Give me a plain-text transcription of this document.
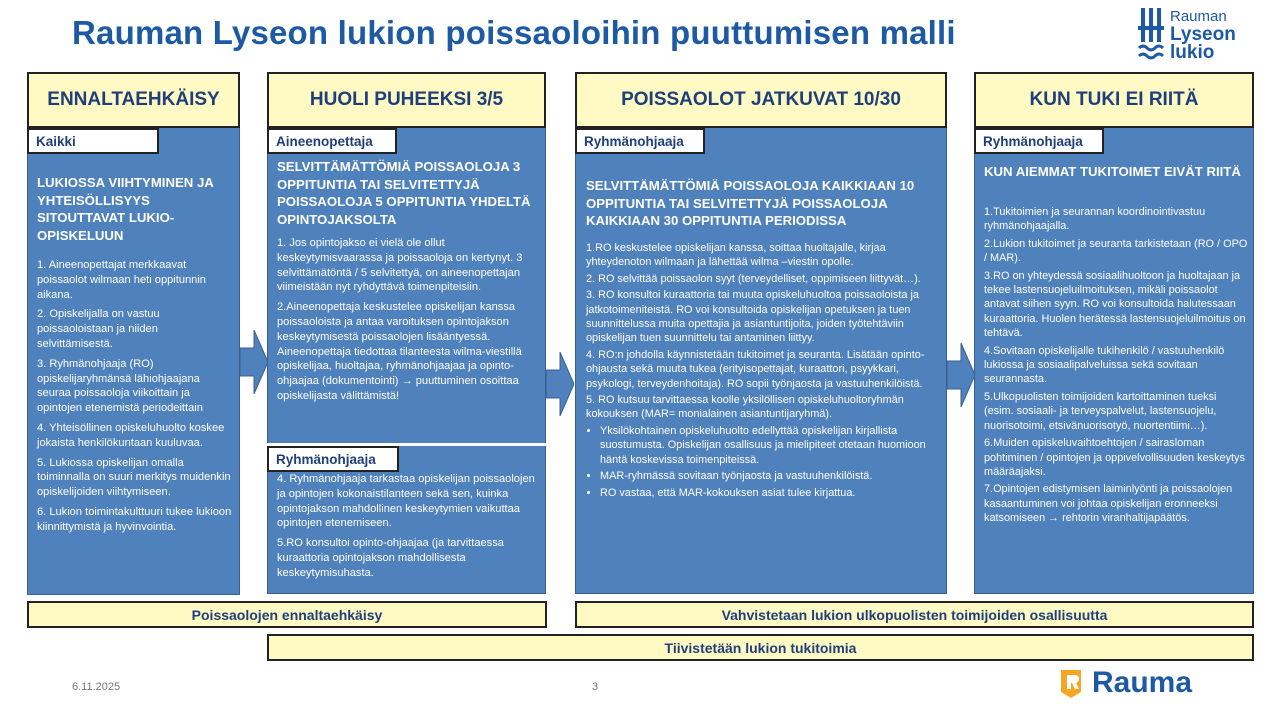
Rauman Lyseon lukion poissaoloihin puuttumisen malli	Rauman
Lyseon
lukio
ENNALTAEHKÄISY
Kaikki
LUKIOSSA VIIHTYMINEN JA YHTEISÖLLISYYS SITOUTTAVAT LUKIO-OPISKELUUN

1. Aineenopettajat merkkaavat poissaolot wilmaan heti oppitunnin aikana.

2. Opiskelijalla on vastuu poissaoloistaan ja niiden selvittämisestä.

3. Ryhmänohjaaja (RO) opiskelijaryhmänsä lähiohjaajana seuraa poissaoloja viikoittain ja opintojen etenemistä periodeittain

4. Yhteisöllinen opiskeluhuolto koskee jokaista henkilökuntaan kuuluvaa.

5. Lukiossa opiskelijan omalla toiminnalla on suuri merkitys muidenkin opiskelijoiden viihtymiseen.

6. Lukion toimintakulttuuri tukee lukioon kiinnittymistä ja hyvinvointia.

HUOLI PUHEEKSI 3/5
Aineenopettaja
SELVITTÄMÄTTÖMIÄ POISSAOLOJA 3 OPPITUNTIA TAI SELVITETTYJÄ POISSAOLOJA 5 OPPITUNTIA YHDELTÄ OPINTOJAKSOLTA

1. Jos opintojakso ei vielä ole ollut keskeytymisvaarassa ja poissaoloja on kertynyt. 3 selvittämätöntä / 5 selvitettyä, on aineenopettajan viimeistään nyt ryhdyttävä toimenpiteisiin.

2.Aineenopettaja keskustelee opiskelijan kanssa poissaoloista ja antaa varoituksen opintojakson keskeytymisestä poissaolojen lisääntyessä. Aineenopettaja tiedottaa tilanteesta wilma-viestillä opiskelijaa, huoltajaa, ryhmänohjaajaa ja opinto-ohjaajaa (dokumentointi) → puuttuminen osoittaa opiskelijasta välittämistä!

Ryhmänohjaaja

4. Ryhmänohjaaja tarkastaa opiskelijan poissaolojen ja opintojen kokonaistilanteen sekä sen, kuinka opintojakson mahdollinen keskeytymien vaikuttaa opintojen etenemiseen.

5.RO konsultoi opinto-ohjaajaa (ja tarvittaessa kuraattoria opintojakson mahdollisesta keskeytymisuhasta.

POISSAOLOT JATKUVAT 10/30
Ryhmänohjaaja
SELVITTÄMÄTTÖMIÄ POISSAOLOJA KAIKKIAAN 10 OPPITUNTIA TAI SELVITETTYJÄ POISSAOLOJA KAIKKIAAN 30 OPPITUNTIA PERIODISSA

1.RO keskustelee opiskelijan kanssa, soittaa huoltajalle, kirjaa yhteydenoton wilmaan ja lähettää wilma –viestin opolle.

2. RO selvittää poissaolon syyt (terveydelliset, oppimiseen liittyvät…).

3. RO konsultoi kuraattoria tai muuta opiskeluhuoltoa poissaoloista ja jatkotoimeniteistä. RO voi konsultoida opiskelijan opetuksen ja tuen suunnittelussa muita opettajia ja asiantuntijoita, joiden työtehtäviin opiskelijan tuen suunnittelu tai antaminen liittyy.

4. RO:n johdolla käynnistetään tukitoimet ja seuranta. Lisätään opinto-ohjausta sekä muuta tukea (erityisopettajat, kuraattori, psyykkari, psykologi, terveydenhoitaja). RO sopii työnjaosta ja vastuuhenkilöistä.

5. RO kutsuu tarvittaessa koolle yksilöllisen opiskeluhuoltoryhmän kokouksen (MAR= monialainen asiantuntijaryhmä).

• Yksilökohtainen opiskeluhuolto edellyttää opiskelijan kirjallista suostumusta. Opiskelijan osallisuus ja mielipiteet otetaan huomioon häntä koskevissa toimenpiteissä.
• MAR-ryhmässä sovitaan työnjaosta ja vastuuhenkilöistä.
• RO vastaa, että MAR-kokouksen asiat tulee kirjattua.
KUN TUKI EI RIITÄ
Ryhmänohjaaja
KUN AIEMMAT TUKITOIMET EIVÄT RIITÄ

1.Tukitoimien ja seurannan koordinointivastuu ryhmänohjaajalla.

2.Lukion tukitoimet ja seuranta tarkistetaan (RO / OPO / MAR).

3.RO on yhteydessä sosiaalihuoltoon ja huoltajaan ja tekee lastensuojeluilmoituksen, mikäli poissaolot antavat siihen syyn. RO voi konsultoida halutessaan kuraattoria. Huolen herätessä lastensuojeluilmoitus on tehtävä.

4.Sovitaan opiskelijalle tukihenkilö / vastuuhenkilö lukiossa ja sosiaalipalveluissa sekä sovitaan seurannasta.

5.Ulkopuolisten toimijoiden kartoittaminen tueksi (esim. sosiaali- ja terveyspalvelut, lastensuojelu, nuorisotoimi, etsivänuorisotyö, nuortentiimi…).

6.Muiden opiskeluvaihtoehtojen / sairasloman pohtiminen / opintojen ja oppivelvollisuuden keskeytys määräajaksi.

7.Opintojen edistymisen laiminlyönti ja poissaolojen kasaantuminen voi johtaa opiskelijan eronneeksi katsomiseen → rehtorin viranhaltijapäätös.

Poissaolojen ennaltaehkäisy	Vahvistetaan lukion ulkopuolisten toimijoiden osallisuutta
Tiivistetään lukion tukitoimia
6.11.2025	3	Rauma
